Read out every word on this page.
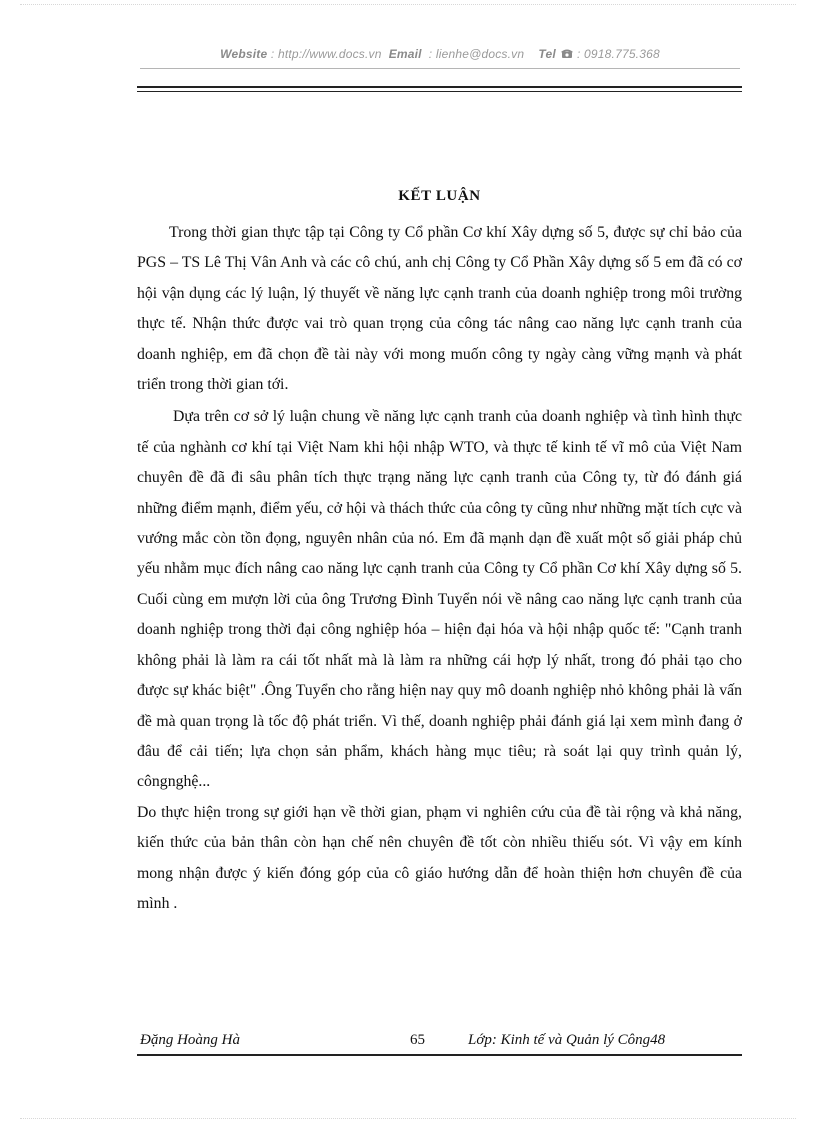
Website : http://www.docs.vn Email : lienhe@docs.vn Tel : 0918.775.368
KẾT LUẬN

Trong thời gian thực tập tại Công ty Cổ phần Cơ khí Xây dựng số 5, được sự chỉ bảo của PGS – TS Lê Thị Vân Anh và các cô chú, anh chị Công ty Cổ Phần Xây dựng số 5 em đã có cơ hội vận dụng các lý luận, lý thuyết về năng lực cạnh tranh của doanh nghiệp trong môi trường thực tế. Nhận thức được vai trò quan trọng của công tác nâng cao năng lực cạnh tranh của doanh nghiệp, em đã chọn đề tài này với mong muốn công ty ngày càng vững mạnh và phát triển trong thời gian tới.

Dựa trên cơ sở lý luận chung về năng lực cạnh tranh của doanh nghiệp và tình hình thực tế của nghành cơ khí tại Việt Nam khi hội nhập WTO, và thực tế kinh tế vĩ mô của Việt Nam chuyên đề đã đi sâu phân tích thực trạng năng lực cạnh tranh của Công ty, từ đó đánh giá những điểm mạnh, điểm yếu, cở hội và thách thức của công ty cũng như những mặt tích cực và vướng mắc còn tồn đọng, nguyên nhân của nó. Em đã mạnh dạn đề xuất một số giải pháp chủ yếu nhằm mục đích nâng cao năng lực cạnh tranh của Công ty Cổ phần Cơ khí Xây dựng số 5. Cuối cùng em mượn lời của ông Trương Đình Tuyển nói về nâng cao năng lực cạnh tranh của doanh nghiệp trong thời đại công nghiệp hóa – hiện đại hóa và hội nhập quốc tế: "Cạnh tranh không phải là làm ra cái tốt nhất mà là làm ra những cái hợp lý nhất, trong đó phải tạo cho được sự khác biệt" .Ông Tuyển cho rằng hiện nay quy mô doanh nghiệp nhỏ không phải là vấn đề mà quan trọng là tốc độ phát triển. Vì thế, doanh nghiệp phải đánh giá lại xem mình đang ở đâu để cải tiến; lựa chọn sản phẩm, khách hàng mục tiêu; rà soát lại quy trình quản lý, côngnghệ...

Do thực hiện trong sự giới hạn về thời gian, phạm vi nghiên cứu của đề tài rộng và khả năng, kiến thức của bản thân còn hạn chế nên chuyên đề tốt còn nhiều thiếu sót. Vì vậy em kính mong nhận được ý kiến đóng góp của cô giáo hướng dẫn để hoàn thiện hơn chuyên đề của mình .

Đặng Hoàng Hà	65	Lớp: Kinh tế và Quản lý Công48
